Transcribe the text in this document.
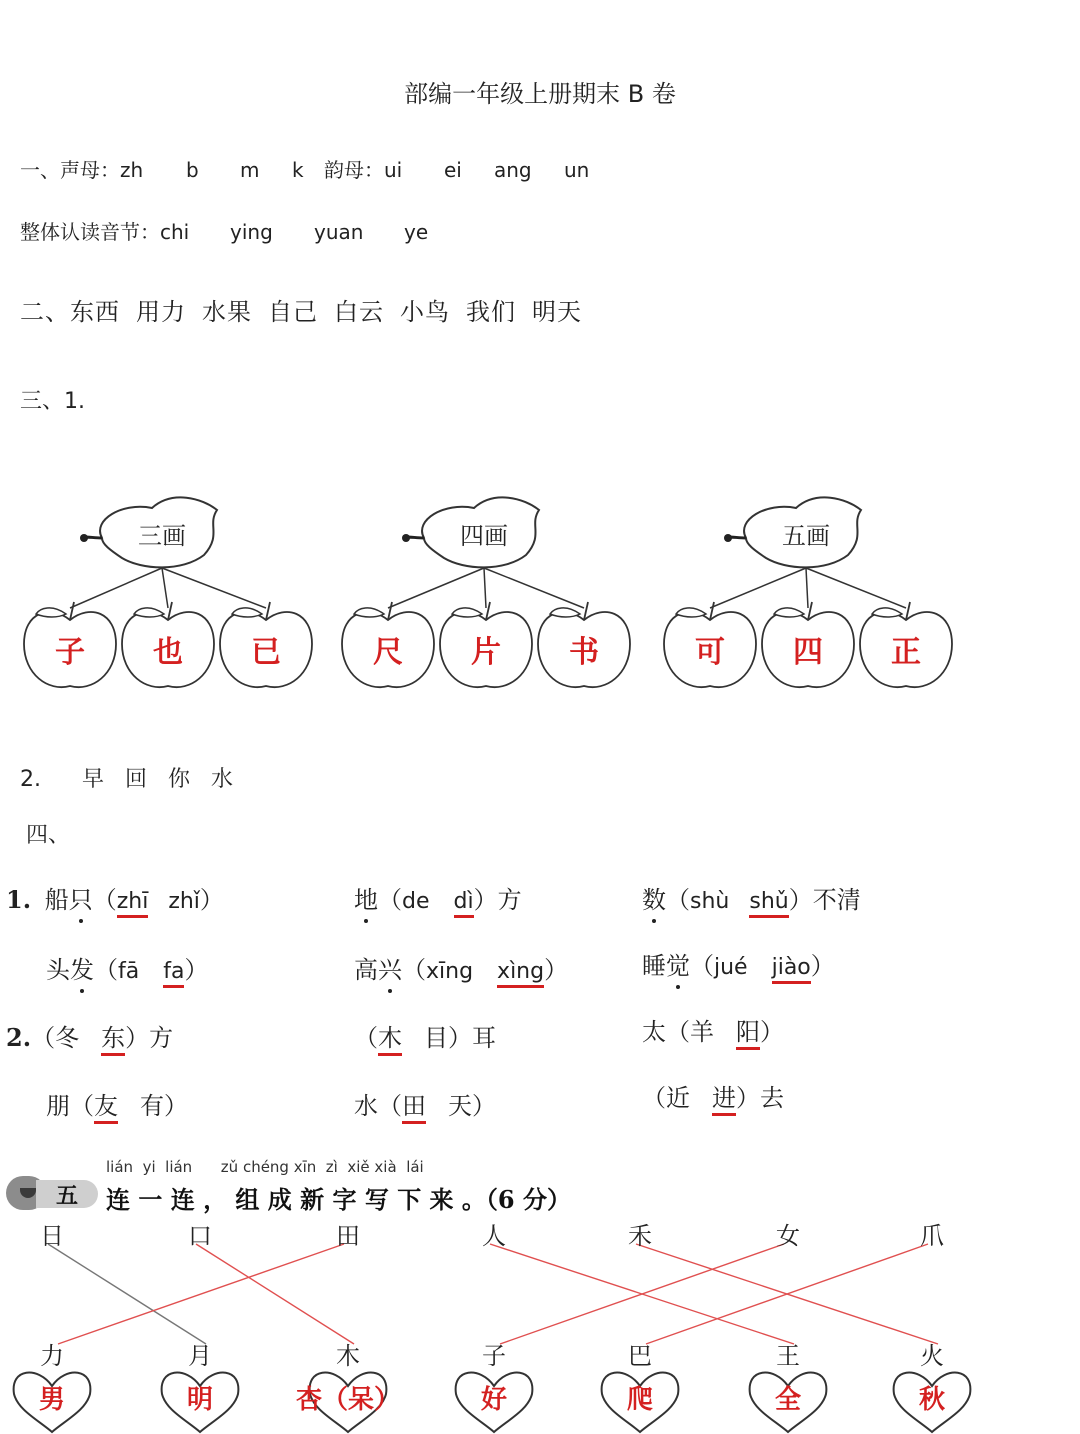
部编一年级上册期末 B 卷
一、声母：zh b m k 韵母：ui ei ang un
整体认读音节：chi ying yuan ye
二、东西 用力 水果 自己 白云 小鸟 我们 明天
三、1.
三画
子 也 已
四画
尺 片 书
五画
可 四 正
2. 早 回 你 水
四、
1. 船只（zhī zhǐ）	地（de dì）方	数（shù shǔ）不清
头发（fā fa）	高兴（xīng xìng）	睡觉（jué jiào）
2.（冬 东）方	（木 目）耳	太（羊 阳）
朋（友 有）	水（田 天）	（近 进）去
五
lián  yi  lián      zǔ chéng xīn  zì  xiě xià  lái
连 一 连 ， 组 成 新 字 写 下 来 。（6 分）
日	口	田	人	禾	女	爪
力	月	木	子	巴	王	火
男	明	杏（呆）	好	爬	全	秋
